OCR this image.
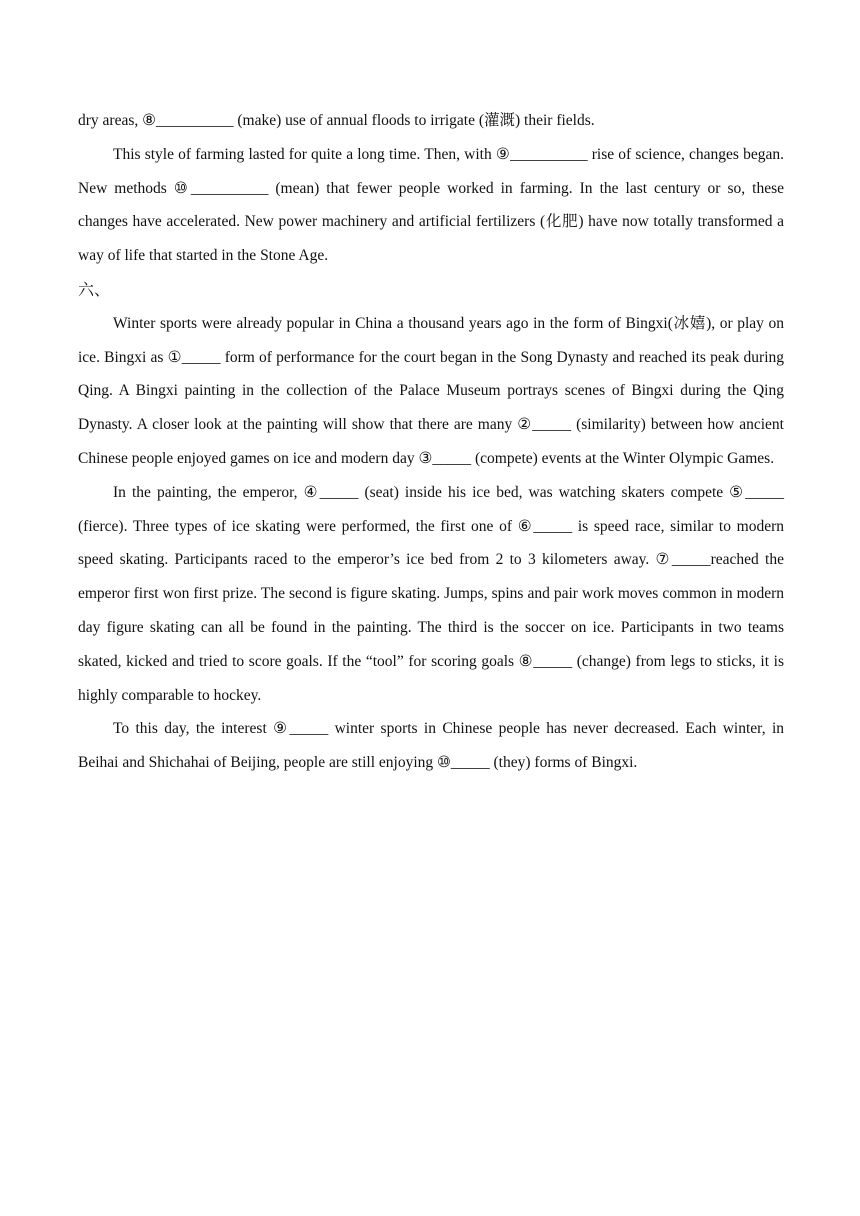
dry areas, ⑧__________ (make) use of annual floods to irrigate (灌溉) their fields.

This style of farming lasted for quite a long time. Then, with ⑨__________ rise of science, changes began. New methods ⑩__________ (mean) that fewer people worked in farming. In the last century or so, these changes have accelerated. New power machinery and artificial fertilizers (化肥) have now totally transformed a way of life that started in the Stone Age.

六、

Winter sports were already popular in China a thousand years ago in the form of Bingxi(冰嬉), or play on ice. Bingxi as ①_____ form of performance for the court began in the Song Dynasty and reached its peak during Qing. A Bingxi painting in the collection of the Palace Museum portrays scenes of Bingxi during the Qing Dynasty. A closer look at the painting will show that there are many ②_____ (similarity) between how ancient Chinese people enjoyed games on ice and modern day ③_____ (compete) events at the Winter Olympic Games.

In the painting, the emperor, ④_____ (seat) inside his ice bed, was watching skaters compete ⑤_____ (fierce). Three types of ice skating were performed, the first one of ⑥_____ is speed race, similar to modern speed skating. Participants raced to the emperor’s ice bed from 2 to 3 kilometers away. ⑦_____reached the emperor first won first prize. The second is figure skating. Jumps, spins and pair work moves common in modern day figure skating can all be found in the painting. The third is the soccer on ice. Participants in two teams skated, kicked and tried to score goals. If the “tool” for scoring goals ⑧_____ (change) from legs to sticks, it is highly comparable to hockey.

To this day, the interest ⑨_____ winter sports in Chinese people has never decreased. Each winter, in Beihai and Shichahai of Beijing, people are still enjoying ⑩_____ (they) forms of Bingxi.
